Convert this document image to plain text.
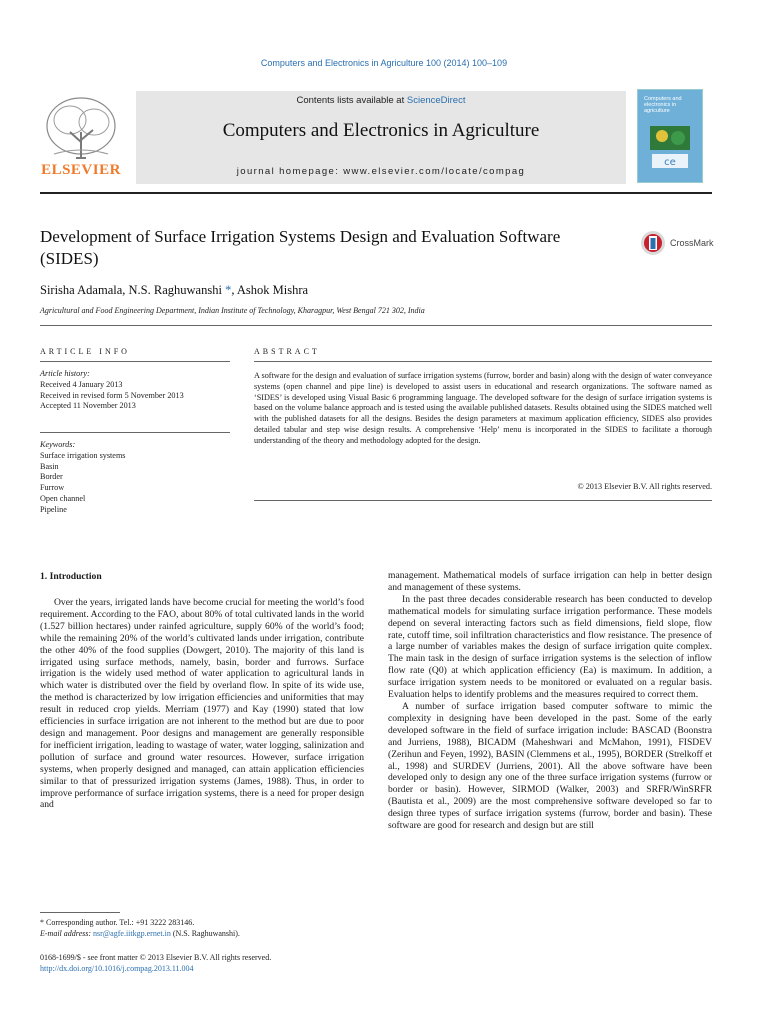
Computers and Electronics in Agriculture 100 (2014) 100–109
Contents lists available at ScienceDirect
Computers and Electronics in Agriculture
journal homepage: www.elsevier.com/locate/compag
ELSEVIER
Computers and electronics in agriculture
ce
Development of Surface Irrigation Systems Design and Evaluation Software (SIDES)
CrossMark
Sirisha Adamala, N.S. Raghuwanshi *, Ashok Mishra
Agricultural and Food Engineering Department, Indian Institute of Technology, Kharagpur, West Bengal 721 302, India
ARTICLE INFO
Article history:
Received 4 January 2013
Received in revised form 5 November 2013
Accepted 11 November 2013
Keywords:
Surface irrigation systems
Basin
Border
Furrow
Open channel
Pipeline
ABSTRACT
A software for the design and evaluation of surface irrigation systems (furrow, border and basin) along with the design of water conveyance systems (open channel and pipe line) is developed to assist users in educational and research organizations. The software named as ‘SIDES’ is developed using Visual Basic 6 programming language. The developed software for the design of surface irrigation systems is based on the volume balance approach and is tested using the available published datasets. Results obtained using the SIDES matched well with the published datasets for all the designs. Besides the design parameters at maximum application efficiency, SIDES also provides detailed tabular and step wise design results. A comprehensive ‘Help’ menu is incorporated in the SIDES to facilitate a thorough understanding of the theory and methodology adopted for the design.
© 2013 Elsevier B.V. All rights reserved.
1. Introduction

Over the years, irrigated lands have become crucial for meeting the world’s food requirement. According to the FAO, about 80% of total cultivated lands in the world (1.527 billion hectares) under rainfed agriculture, supply 60% of the world’s food; while the remaining 20% of the world’s cultivated lands under irrigation, contribute the other 40% of the food supplies (Dowgert, 2010). The majority of this land is irrigated using surface methods, namely, basin, border and furrows. Surface irrigation is the widely used method of water application to agricultural lands in which water is distributed over the field by overland flow. In spite of its wide use, the method is characterized by low irrigation efficiencies and uniformities that may result in reduced crop yields. Merriam (1977) and Kay (1990) stated that low efficiencies in surface irrigation are not inherent to the method but are due to poor design and management. Poor designs and management are generally responsible for inefficient irrigation, leading to wastage of water, water logging, salinization and pollution of surface and ground water resources. However, surface irrigation systems, when properly designed and managed, can attain application efficiencies similar to that of pressurized irrigation systems (James, 1988). Thus, in order to improve performance of surface irrigation systems, there is a need for proper design and

management. Mathematical models of surface irrigation can help in better design and management of these systems.

In the past three decades considerable research has been conducted to develop mathematical models for simulating surface irrigation performance. These models depend on several interacting factors such as field dimensions, field slope, flow rate, cutoff time, soil infiltration characteristics and flow resistance. The presence of a large number of variables makes the design of surface irrigation quite complex. The main task in the design of surface irrigation systems is the selection of inflow flow rate (Q0) at which application efficiency (Ea) is maximum. In addition, a surface irrigation system needs to be monitored or evaluated on a regular basis. Evaluation helps to identify problems and the measures required to correct them.

A number of surface irrigation based computer software to mimic the complexity in designing have been developed in the past. Some of the early developed software in the field of surface irrigation include: BASCAD (Boonstra and Jurriens, 1988), BICADM (Maheshwari and McMahon, 1991), FISDEV (Zerihun and Feyen, 1992), BASIN (Clemmens et al., 1995), BORDER (Strelkoff et al., 1998) and SURDEV (Jurriens, 2001). All the above software have been developed only to design any one of the three surface irrigation systems (furrow or border or basin). However, SIRMOD (Walker, 2003) and SRFR/WinSRFR (Bautista et al., 2009) are the most comprehensive software developed so far to design three types of surface irrigation systems (furrow, border and basin). These software are good for research and design but are still

* Corresponding author. Tel.: +91 3222 283146.
E-mail address: nsr@agfe.iitkgp.ernet.in (N.S. Raghuwanshi).
0168-1699/$ - see front matter © 2013 Elsevier B.V. All rights reserved.
http://dx.doi.org/10.1016/j.compag.2013.11.004
